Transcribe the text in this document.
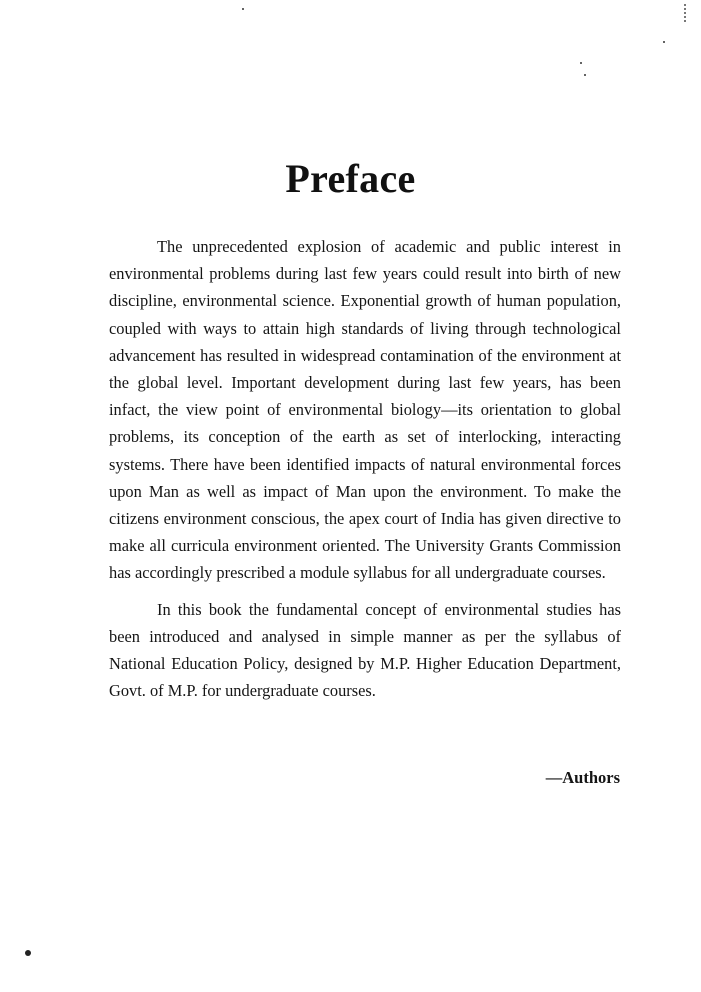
Preface

The unprecedented explosion of academic and public interest in environmental problems during last few years could result into birth of new discipline, environmental science. Exponential growth of human population, coupled with ways to attain high standards of living through technological advancement has resulted in widespread contamination of the environment at the global level. Important development during last few years, has been infact, the view point of environmental biology—its orientation to global problems, its conception of the earth as set of interlocking, interacting systems. There have been identified impacts of natural environmental forces upon Man as well as impact of Man upon the environment. To make the citizens environment conscious, the apex court of India has given directive to make all curricula environment oriented. The University Grants Commission has accordingly prescribed a module syllabus for all undergraduate courses.

In this book the fundamental concept of environmental studies has been introduced and analysed in simple manner as per the syllabus of National Education Policy, designed by M.P. Higher Education Department, Govt. of M.P. for undergraduate courses.

—Authors
